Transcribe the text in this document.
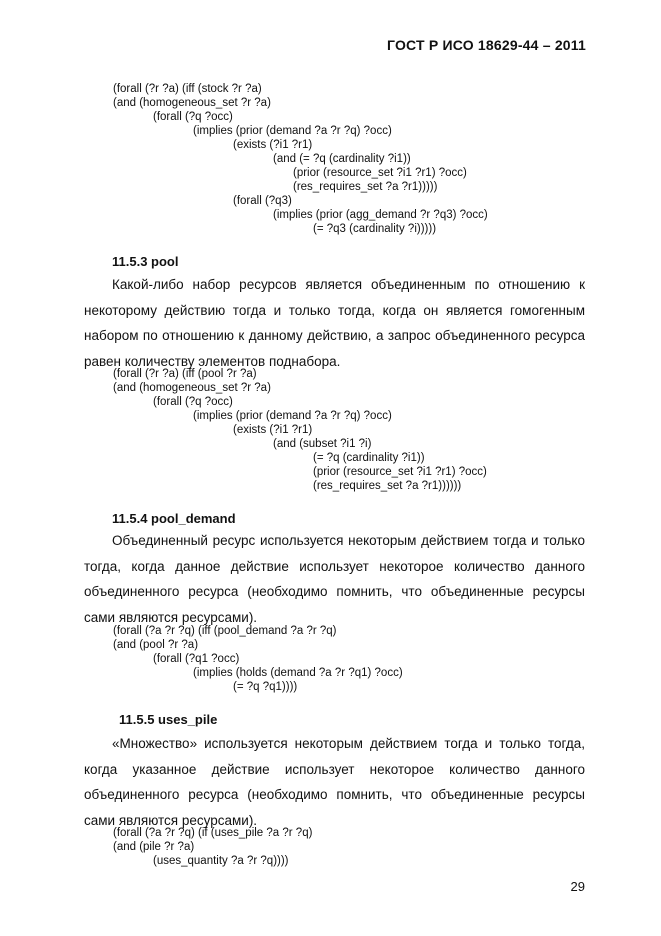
ГОСТ Р ИСО 18629-44 – 2011
(forall (?r ?a) (iff (stock ?r ?a)
(and (homogeneous_set ?r ?a)
(forall (?q ?occ)
(implies (prior (demand ?a ?r ?q) ?occ)
(exists (?i1 ?r1)
(and (= ?q (cardinality ?i1))
(prior (resource_set ?i1 ?r1) ?occ)
(res_requires_set ?a ?r1)))))
(forall (?q3)
(implies (prior (agg_demand ?r ?q3) ?occ)
(= ?q3 (cardinality ?i)))))
11.5.3 pool

Какой-либо набор ресурсов является объединенным по отношению к некоторому действию тогда и только тогда, когда он является гомогенным набором по отношению к данному действию, а запрос объединенного ресурса равен количеству элементов поднабора.

(forall (?r ?a) (iff (pool ?r ?a)
(and (homogeneous_set ?r ?a)
(forall (?q ?occ)
(implies (prior (demand ?a ?r ?q) ?occ)
(exists (?i1 ?r1)
(and (subset ?i1 ?i)
(= ?q (cardinality ?i1))
(prior (resource_set ?i1 ?r1) ?occ)
(res_requires_set ?a ?r1))))))
11.5.4 pool_demand

Объединенный ресурс используется некоторым действием тогда и только тогда, когда данное действие использует некоторое количество данного объединенного ресурса (необходимо помнить, что объединенные ресурсы сами являются ресурсами).

(forall (?a ?r ?q) (iff (pool_demand ?a ?r ?q)
(and (pool ?r ?a)
(forall (?q1 ?occ)
(implies (holds (demand ?a ?r ?q1) ?occ)
(= ?q ?q1))))
11.5.5 uses_pile

«Множество» используется некоторым действием тогда и только тогда, когда указанное действие использует некоторое количество данного объединенного ресурса (необходимо помнить, что объединенные ресурсы сами являются ресурсами).

(forall (?a ?r ?q) (if (uses_pile ?a ?r ?q)
(and (pile ?r ?a)
(uses_quantity ?a ?r ?q))))
29
